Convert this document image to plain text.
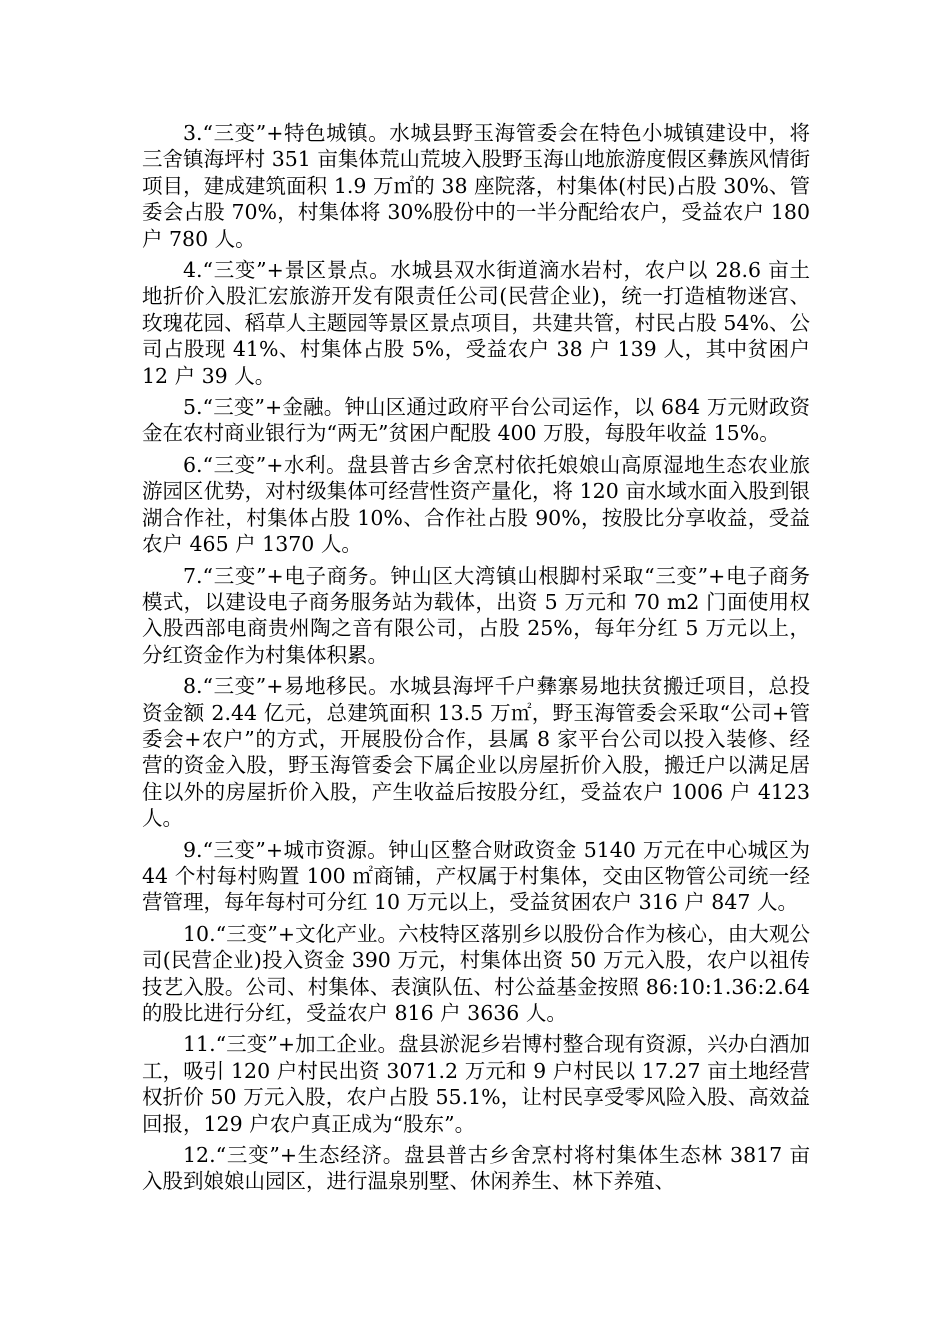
3.“三变”+特色城镇。水城县野玉海管委会在特色小城镇建设中，将三舍镇海坪村 351 亩集体荒山荒坡入股野玉海山地旅游度假区彝族风情街项目，建成建筑面积 1.9 万㎡的 38 座院落，村集体(村民)占股 30%、管委会占股 70%，村集体将 30%股份中的一半分配给农户，受益农户 180 户 780 人。

4.“三变”+景区景点。水城县双水街道滴水岩村，农户以 28.6 亩土地折价入股汇宏旅游开发有限责任公司(民营企业)，统一打造植物迷宫、玫瑰花园、稻草人主题园等景区景点项目，共建共管，村民占股 54%、公司占股现 41%、村集体占股 5%，受益农户 38 户 139 人，其中贫困户 12 户 39 人。

5.“三变”+金融。钟山区通过政府平台公司运作，以 684 万元财政资金在农村商业银行为“两无”贫困户配股 400 万股，每股年收益 15%。

6.“三变”+水利。盘县普古乡舍烹村依托娘娘山高原湿地生态农业旅游园区优势，对村级集体可经营性资产量化，将 120 亩水域水面入股到银湖合作社，村集体占股 10%、合作社占股 90%，按股比分享收益，受益农户 465 户 1370 人。

7.“三变”+电子商务。钟山区大湾镇山根脚村采取“三变”+电子商务模式，以建设电子商务服务站为载体，出资 5 万元和 70 m2 门面使用权入股西部电商贵州陶之音有限公司，占股 25%，每年分红 5 万元以上，分红资金作为村集体积累。

8.“三变”+易地移民。水城县海坪千户彝寨易地扶贫搬迁项目，总投资金额 2.44 亿元，总建筑面积 13.5 万㎡，野玉海管委会采取“公司+管委会+农户”的方式，开展股份合作，县属 8 家平台公司以投入装修、经营的资金入股，野玉海管委会下属企业以房屋折价入股，搬迁户以满足居住以外的房屋折价入股，产生收益后按股分红，受益农户 1006 户 4123 人。

9.“三变”+城市资源。钟山区整合财政资金 5140 万元在中心城区为 44 个村每村购置 100 ㎡商铺，产权属于村集体，交由区物管公司统一经营管理，每年每村可分红 10 万元以上，受益贫困农户 316 户 847 人。

10.“三变”+文化产业。六枝特区落别乡以股份合作为核心，由大观公司(民营企业)投入资金 390 万元，村集体出资 50 万元入股，农户以祖传技艺入股。公司、村集体、表演队伍、村公益基金按照 86:10:1.36:2.64 的股比进行分红，受益农户 816 户 3636 人。

11.“三变”+加工企业。盘县淤泥乡岩博村整合现有资源，兴办白酒加工，吸引 120 户村民出资 3071.2 万元和 9 户村民以 17.27 亩土地经营权折价 50 万元入股，农户占股 55.1%，让村民享受零风险入股、高效益回报，129 户农户真正成为“股东”。

12.“三变”+生态经济。盘县普古乡舍烹村将村集体生态林 3817 亩入股到娘娘山园区，进行温泉别墅、休闲养生、林下养殖、
